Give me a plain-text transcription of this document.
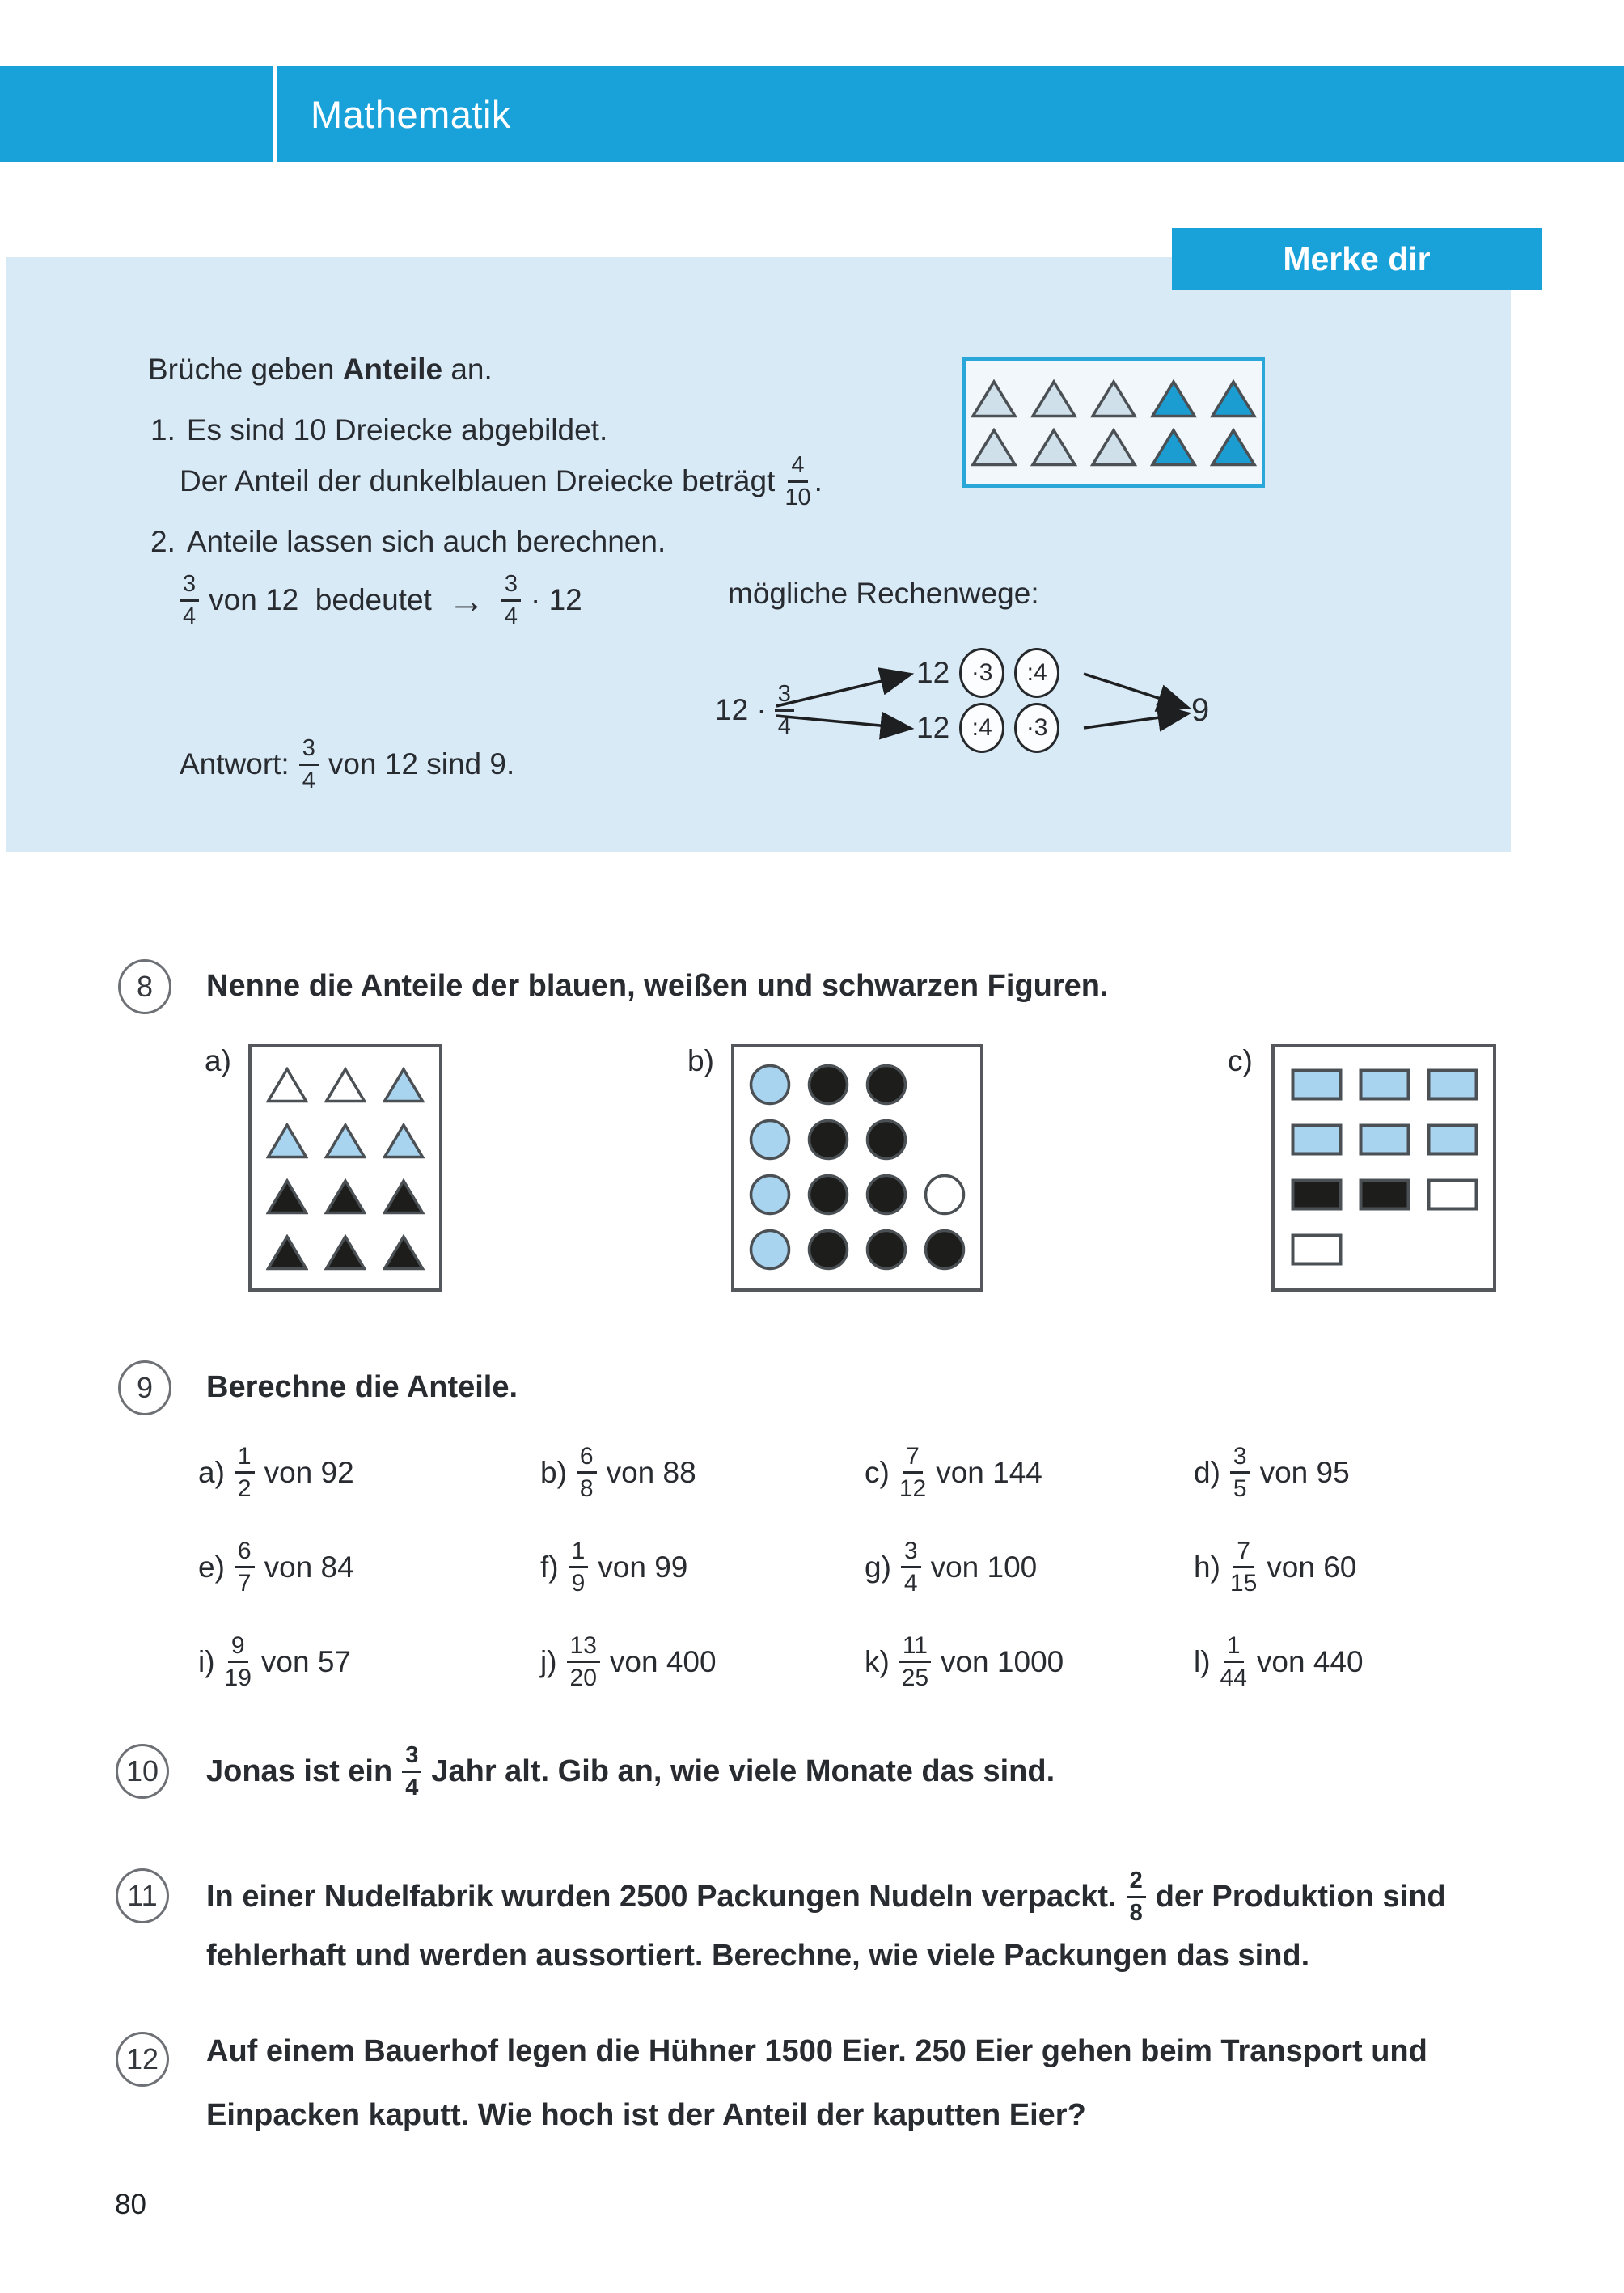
Mathematik
Merke dir
Brüche geben Anteile an.
1. Es sind 10 Dreiecke abgebildet.
Der Anteil der dunkelblauen Dreiecke beträgt $\frac{4}{10}$ .
2. Anteile lassen sich auch berechnen.
$\frac{3}{4}$ von 12  bedeutet → $\frac{3}{4} \cdot 12$	mögliche Rechenwege:
$12 \cdot \frac{3}{4}$
12 ·3	:4
12 :4	·3	9
Antwort: $\frac{3}{4}$ von 12 sind 9.
8	Nenne die Anteile der blauen, weißen und schwarzen Figuren.
a)	b)	c)
9	Berechne die Anteile.
$a) \frac{1}{2}$ von 92	$b) \frac{6}{8}$ von 88	$c) \frac{7}{12}$ von 144	$d) \frac{3}{5}$ von 95
$e) \frac{6}{7}$ von 84	$f) \frac{1}{9}$ von 99	$g) \frac{3}{4}$ von 100	$h) \frac{7}{15}$ von 60
$i) \frac{9}{19}$ von 57	$j) \frac{13}{20}$ von 400	$k) \frac{11}{25}$ von 1000	$l) \frac{1}{44}$ von 440
10	Jonas ist ein $\frac{3}{4}$ Jahr alt. Gib an, wie viele Monate das sind.
11	In einer Nudelfabrik wurden 2500 Packungen Nudeln verpackt. $\frac{2}{8}$ der Produktion sind
fehlerhaft und werden aussortiert. Berechne, wie viele Packungen das sind.
12	Auf einem Bauerhof legen die Hühner 1500 Eier. 250 Eier gehen beim Transport und
Einpacken kaputt. Wie hoch ist der Anteil der kaputten Eier?
80
